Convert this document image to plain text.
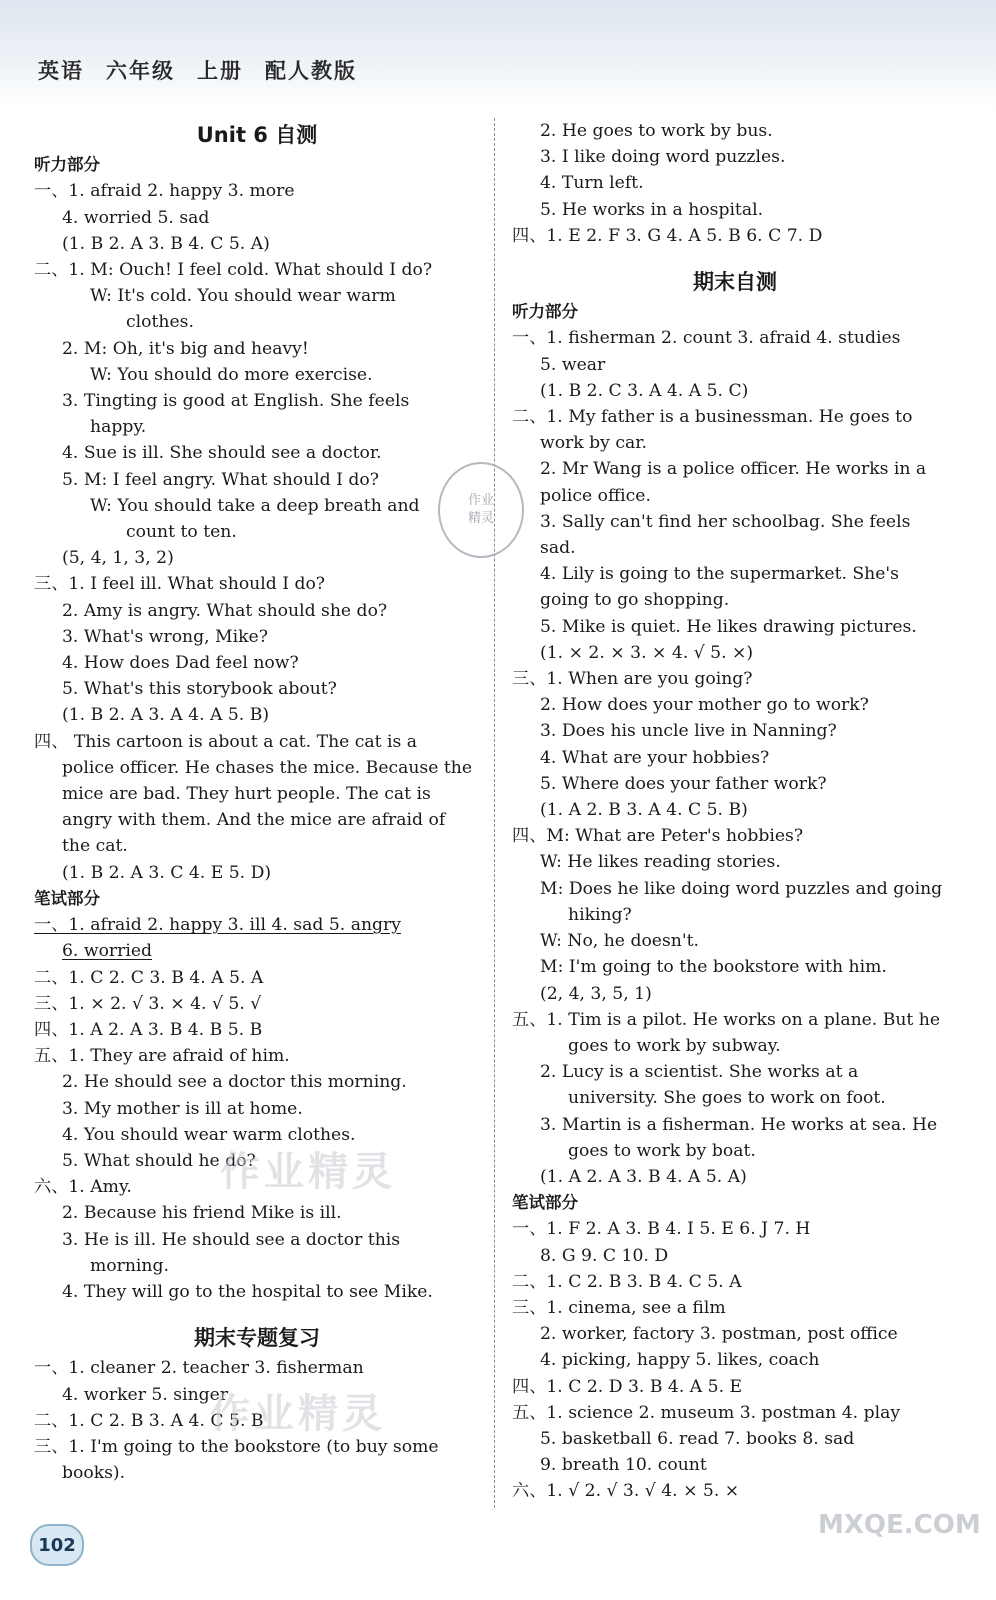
英语 六年级 上册 配人教版
Unit 6 自测
听力部分
一、1. afraid 2. happy 3. more
4. worried 5. sad
(1. B 2. A 3. B 4. C 5. A)
二、1. M: Ouch! I feel cold. What should I do?
W: It's cold. You should wear warm
clothes.
2. M: Oh, it's big and heavy!
W: You should do more exercise.
3. Tingting is good at English. She feels
happy.
4. Sue is ill. She should see a doctor.
5. M: I feel angry. What should I do?
W: You should take a deep breath and
count to ten.
(5, 4, 1, 3, 2)
三、1. I feel ill. What should I do?
2. Amy is angry. What should she do?
3. What's wrong, Mike?
4. How does Dad feel now?
5. What's this storybook about?
(1. B 2. A 3. A 4. A 5. B)
四、 This cartoon is about a cat. The cat is a
police officer. He chases the mice. Because the
mice are bad. They hurt people. The cat is
angry with them. And the mice are afraid of
the cat.
(1. B 2. A 3. C 4. E 5. D)
笔试部分
一、1. afraid 2. happy 3. ill 4. sad 5. angry
6. worried
二、1. C 2. C 3. B 4. A 5. A
三、1. × 2. √ 3. × 4. √ 5. √
四、1. A 2. A 3. B 4. B 5. B
五、1. They are afraid of him.
2. He should see a doctor this morning.
3. My mother is ill at home.
4. You should wear warm clothes.
5. What should he do?
六、1. Amy.
2. Because his friend Mike is ill.
3. He is ill. He should see a doctor this
morning.
4. They will go to the hospital to see Mike.
期末专题复习
一、1. cleaner 2. teacher 3. fisherman
4. worker 5. singer
二、1. C 2. B 3. A 4. C 5. B
三、1. I'm going to the bookstore (to buy some
books).
2. He goes to work by bus.
3. I like doing word puzzles.
4. Turn left.
5. He works in a hospital.
四、1. E 2. F 3. G 4. A 5. B 6. C 7. D
期末自测
听力部分
一、1. fisherman 2. count 3. afraid 4. studies
5. wear
(1. B 2. C 3. A 4. A 5. C)
二、1. My father is a businessman. He goes to
work by car.
2. Mr Wang is a police officer. He works in a
police office.
3. Sally can't find her schoolbag. She feels
sad.
4. Lily is going to the supermarket. She's
going to go shopping.
5. Mike is quiet. He likes drawing pictures.
(1. × 2. × 3. × 4. √ 5. ×)
三、1. When are you going?
2. How does your mother go to work?
3. Does his uncle live in Nanning?
4. What are your hobbies?
5. Where does your father work?
(1. A 2. B 3. A 4. C 5. B)
四、M: What are Peter's hobbies?
W: He likes reading stories.
M: Does he like doing word puzzles and going
hiking?
W: No, he doesn't.
M: I'm going to the bookstore with him.
(2, 4, 3, 5, 1)
五、1. Tim is a pilot. He works on a plane. But he
goes to work by subway.
2. Lucy is a scientist. She works at a
university. She goes to work on foot.
3. Martin is a fisherman. He works at sea. He
goes to work by boat.
(1. A 2. A 3. B 4. A 5. A)
笔试部分
一、1. F 2. A 3. B 4. I 5. E 6. J 7. H
8. G 9. C 10. D
二、1. C 2. B 3. B 4. C 5. A
三、1. cinema, see a film
2. worker, factory 3. postman, post office
4. picking, happy 5. likes, coach
四、1. C 2. D 3. B 4. A 5. E
五、1. science 2. museum 3. postman 4. play
5. basketball 6. read 7. books 8. sad
9. breath 10. count
六、1. √ 2. √ 3. √ 4. × 5. ×
作业
精灵
作业精灵
作业精灵
MXQE.COM
102
